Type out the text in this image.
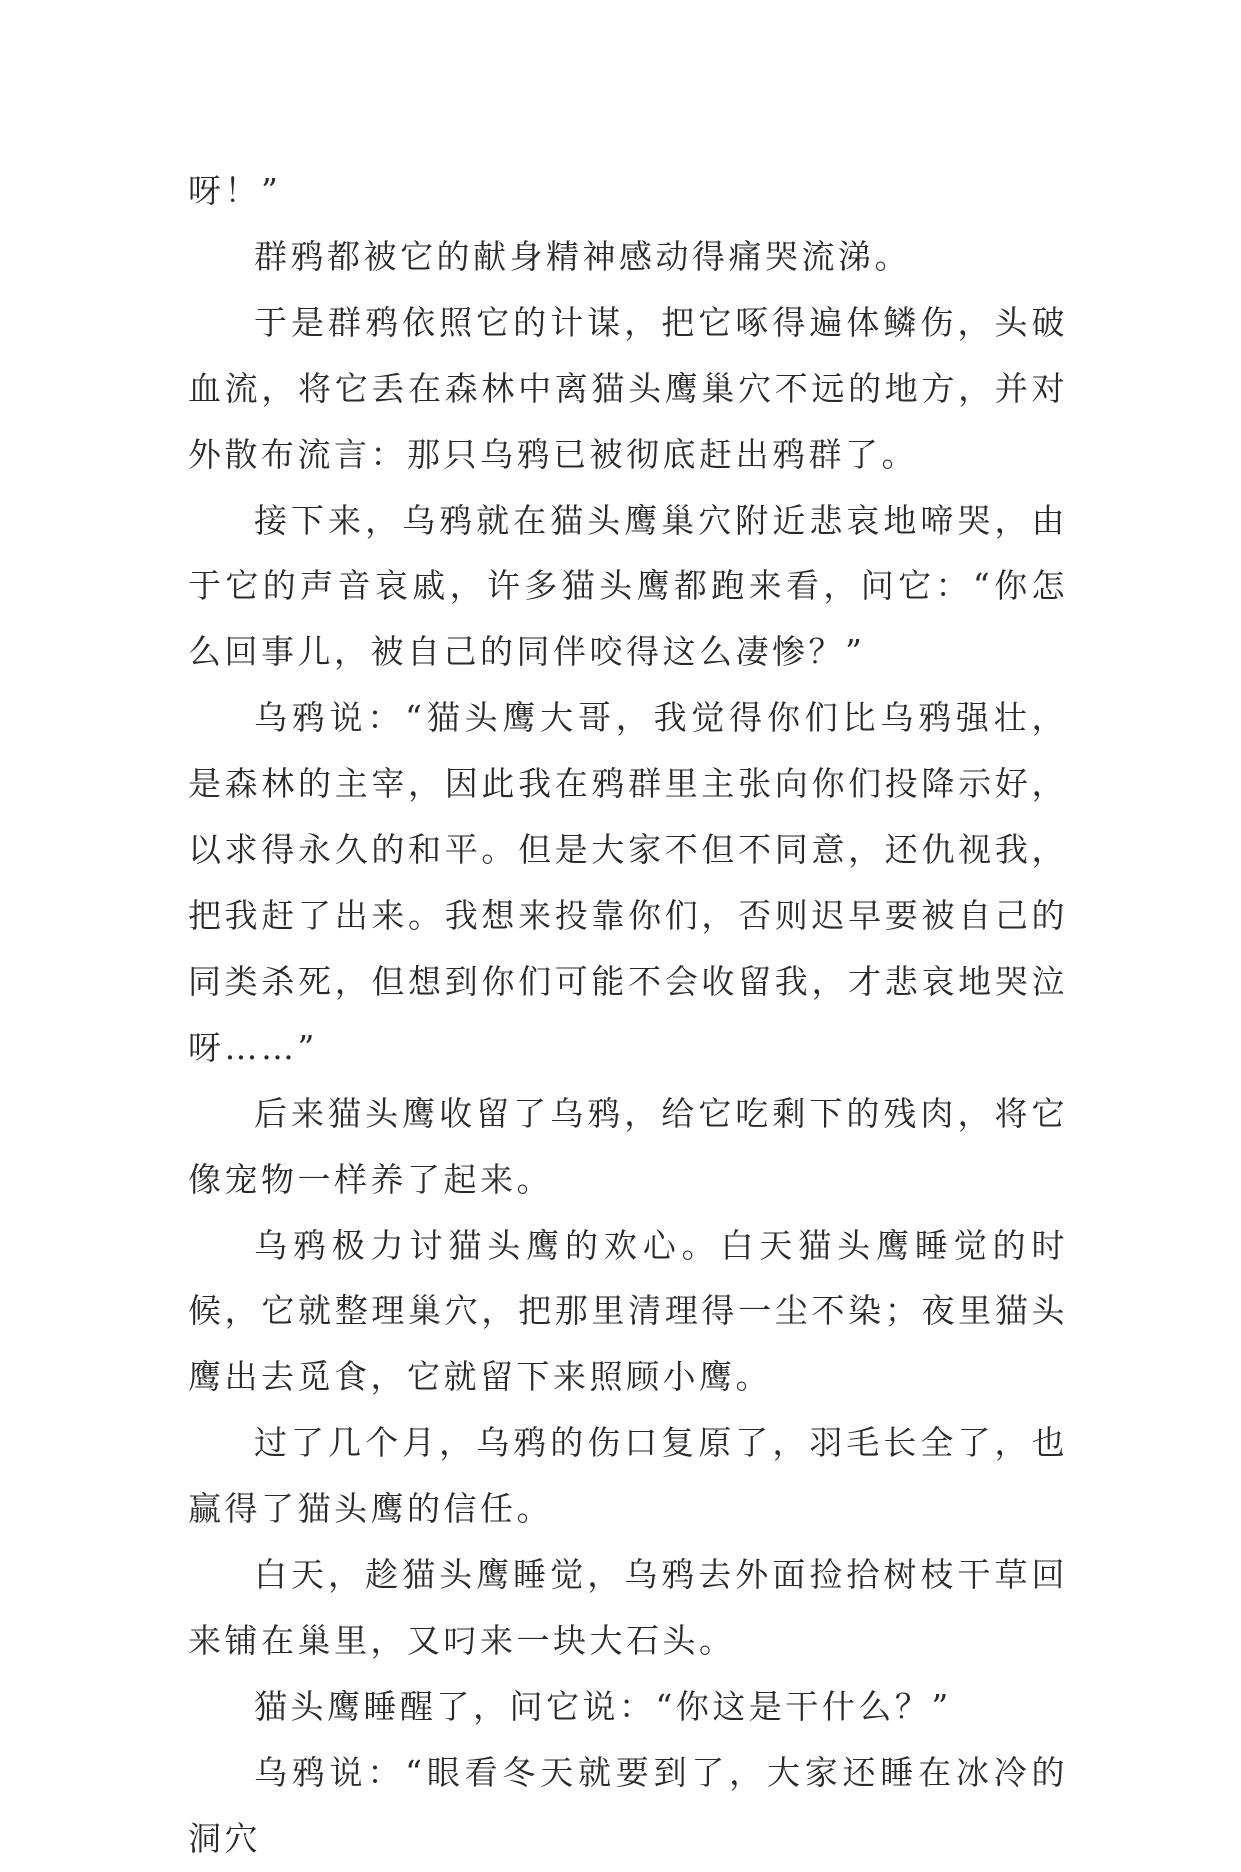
呀！”

群鸦都被它的献身精神感动得痛哭流涕。

于是群鸦依照它的计谋，把它啄得遍体鳞伤，头破血流，将它丢在森林中离猫头鹰巢穴不远的地方，并对外散布流言：那只乌鸦已被彻底赶出鸦群了。

接下来，乌鸦就在猫头鹰巢穴附近悲哀地啼哭，由于它的声音哀戚，许多猫头鹰都跑来看，问它：“你怎么回事儿，被自己的同伴咬得这么凄惨？”

乌鸦说：“猫头鹰大哥，我觉得你们比乌鸦强壮，是森林的主宰，因此我在鸦群里主张向你们投降示好，以求得永久的和平。但是大家不但不同意，还仇视我，把我赶了出来。我想来投靠你们，否则迟早要被自己的同类杀死，但想到你们可能不会收留我，才悲哀地哭泣呀……”

后来猫头鹰收留了乌鸦，给它吃剩下的残肉，将它像宠物一样养了起来。

乌鸦极力讨猫头鹰的欢心。白天猫头鹰睡觉的时候，它就整理巢穴，把那里清理得一尘不染；夜里猫头鹰出去觅食，它就留下来照顾小鹰。

过了几个月，乌鸦的伤口复原了，羽毛长全了，也赢得了猫头鹰的信任。

白天，趁猫头鹰睡觉，乌鸦去外面捡拾树枝干草回来铺在巢里，又叼来一块大石头。

猫头鹰睡醒了，问它说：“你这是干什么？”

乌鸦说：“眼看冬天就要到了，大家还睡在冰冷的洞穴
